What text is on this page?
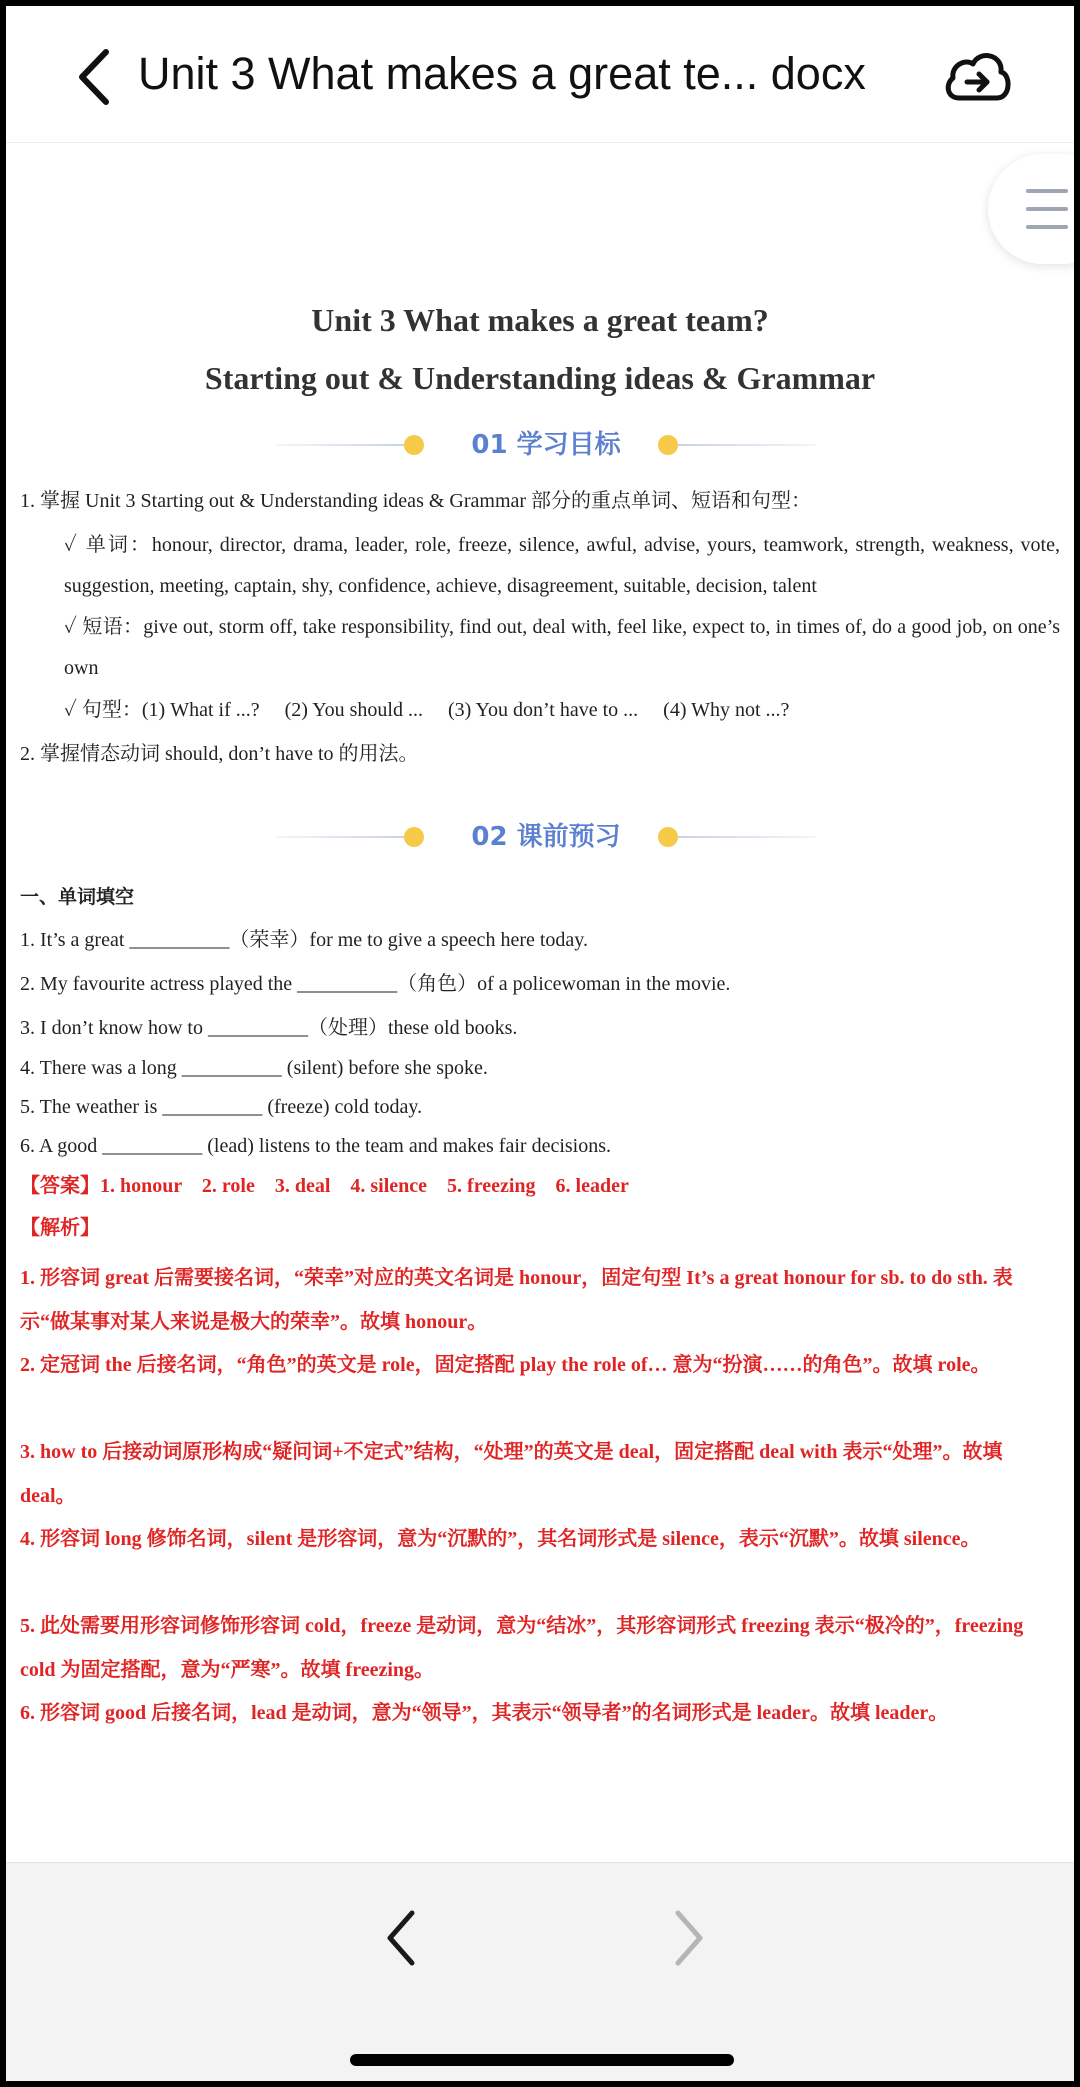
Unit 3 What makes a great te... docx
Unit 3 What makes a great team?
Starting out & Understanding ideas & Grammar
01 学习目标
1. 掌握 Unit 3 Starting out & Understanding ideas & Grammar 部分的重点单词、短语和句型：
✓ 单词：honour, director, drama, leader, role, freeze, silence, awful, advise, yours, teamwork, strength, weakness, vote, suggestion, meeting, captain, shy, confidence, achieve, disagreement, suitable, decision, talent
✓ 短语：give out, storm off, take responsibility, find out, deal with, feel like, expect to, in times of, do a good job, on one’s own
✓ 句型：(1) What if ...?     (2) You should ...     (3) You don’t have to ...     (4) Why not ...?
2. 掌握情态动词 should, don’t have to 的用法。
02 课前预习
一、单词填空
1. It’s a great __________（荣幸）for me to give a speech here today.
2. My favourite actress played the __________（角色）of a policewoman in the movie.
3. I don’t know how to __________（处理）these old books.
4. There was a long __________ (silent) before she spoke.
5. The weather is __________ (freeze) cold today.
6. A good __________ (lead) listens to the team and makes fair decisions.
【答案】1. honour    2. role    3. deal    4. silence    5. freezing    6. leader
【解析】
1. 形容词 great 后需要接名词，“荣幸”对应的英文名词是 honour，固定句型 It’s a great honour for sb. to do sth. 表示“做某事对某人来说是极大的荣幸”。故填 honour。
2. 定冠词 the 后接名词，“角色”的英文是 role，固定搭配 play the role of… 意为“扮演……的角色”。故填 role。
3. how to 后接动词原形构成“疑问词+不定式”结构，“处理”的英文是 deal，固定搭配 deal with 表示“处理”。故填 deal。
4. 形容词 long 修饰名词，silent 是形容词，意为“沉默的”，其名词形式是 silence，表示“沉默”。故填 silence。
5. 此处需要用形容词修饰形容词 cold，freeze 是动词，意为“结冰”，其形容词形式 freezing 表示“极冷的”，freezing cold 为固定搭配，意为“严寒”。故填 freezing。
6. 形容词 good 后接名词，lead 是动词，意为“领导”，其表示“领导者”的名词形式是 leader。故填 leader。
